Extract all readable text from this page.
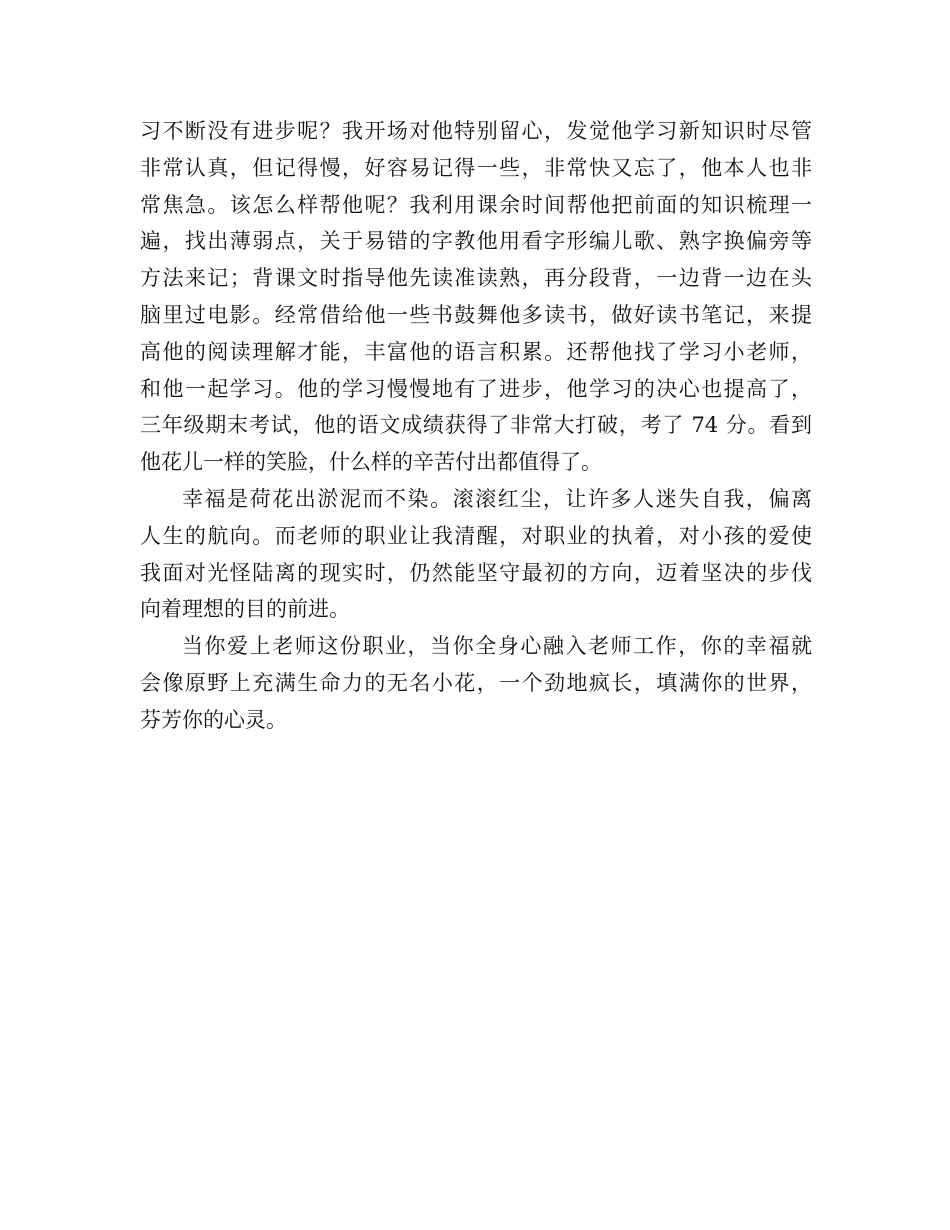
习不断没有进步呢？我开场对他特别留心，发觉他学习新知识时尽管

非常认真，但记得慢，好容易记得一些，非常快又忘了，他本人也非

常焦急。该怎么样帮他呢？我利用课余时间帮他把前面的知识梳理一

遍，找出薄弱点，关于易错的字教他用看字形编儿歌、熟字换偏旁等

方法来记；背课文时指导他先读准读熟，再分段背，一边背一边在头

脑里过电影。经常借给他一些书鼓舞他多读书，做好读书笔记，来提

高他的阅读理解才能，丰富他的语言积累。还帮他找了学习小老师，

和他一起学习。他的学习慢慢地有了进步，他学习的决心也提高了，

三年级期末考试，他的语文成绩获得了非常大打破，考了 74 分。看到

他花儿一样的笑脸，什么样的辛苦付出都值得了。

幸福是荷花出淤泥而不染。滚滚红尘，让许多人迷失自我，偏离

人生的航向。而老师的职业让我清醒，对职业的执着，对小孩的爱使

我面对光怪陆离的现实时，仍然能坚守最初的方向，迈着坚决的步伐

向着理想的目的前进。

当你爱上老师这份职业，当你全身心融入老师工作，你的幸福就

会像原野上充满生命力的无名小花，一个劲地疯长，填满你的世界，

芬芳你的心灵。
